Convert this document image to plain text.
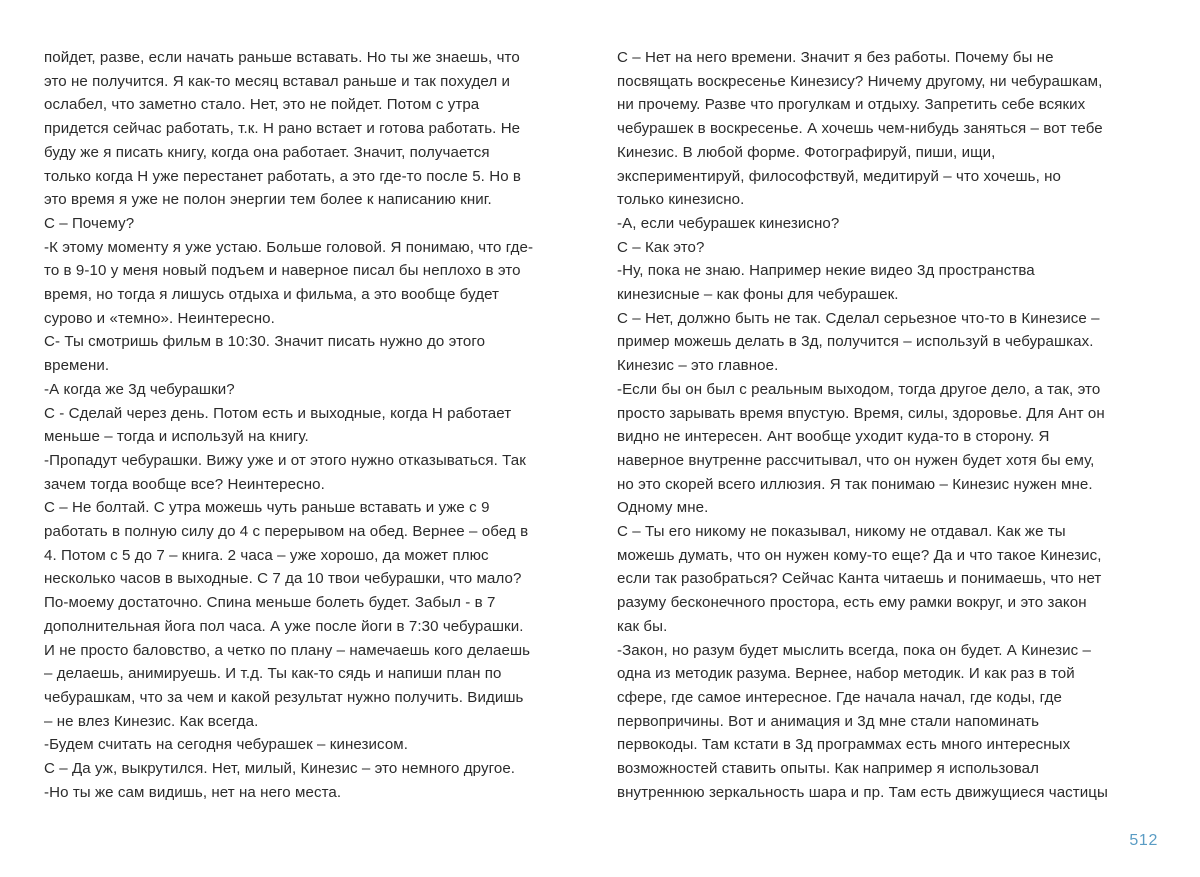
пойдет, разве, если начать раньше вставать. Но ты же знаешь, что
это не получится. Я как-то месяц вставал раньше и так похудел и
ослабел, что заметно стало. Нет, это не пойдет. Потом с утра
придется сейчас работать, т.к. Н рано встает и готова работать. Не
буду же я писать книгу, когда она работает. Значит, получается
только когда Н уже перестанет работать, а это где-то после 5. Но в
это время я уже не полон энергии тем более к написанию книг.
С – Почему?
-К этому моменту я уже устаю. Больше головой. Я понимаю, что где-
то в 9-10 у меня новый подъем и наверное писал бы неплохо в это
время, но тогда я лишусь отдыха и фильма, а это вообще будет
сурово и «темно». Неинтересно.
С- Ты смотришь фильм в 10:30. Значит писать нужно до этого
времени.
-А когда же 3д чебурашки?
С - Сделай через день. Потом есть и выходные, когда Н работает
меньше – тогда и используй на книгу.
-Пропадут чебурашки. Вижу уже и от этого нужно отказываться. Так
зачем тогда вообще все? Неинтересно.
С – Не болтай. С утра можешь чуть раньше вставать и уже с 9
работать в полную силу до 4 с перерывом на обед. Вернее – обед в
4. Потом с 5 до 7 – книга. 2 часа – уже хорошо, да может плюс
несколько часов в выходные. С 7 да 10 твои чебурашки, что мало?
По-моему достаточно. Спина меньше болеть будет. Забыл - в 7
дополнительная йога пол часа. А уже после йоги в 7:30 чебурашки.
И не просто баловство, а четко по плану – намечаешь кого делаешь
– делаешь, анимируешь. И т.д. Ты как-то сядь и напиши план по
чебурашкам, что за чем и какой результат нужно получить. Видишь
– не влез Кинезис. Как всегда.
-Будем считать на сегодня чебурашек – кинезисом.
С – Да уж, выкрутился. Нет, милый, Кинезис – это немного другое.
-Но ты же сам видишь, нет на него места.
С – Нет на него времени. Значит я без работы. Почему бы не
посвящать воскресенье Кинезису? Ничему другому, ни чебурашкам,
ни прочему. Разве что прогулкам и отдыху. Запретить себе всяких
чебурашек в воскресенье. А хочешь чем-нибудь заняться – вот тебе
Кинезис. В любой форме. Фотографируй, пиши, ищи,
экспериментируй, философствуй, медитируй – что хочешь, но
только кинезисно.
-А, если чебурашек кинезисно?
С – Как это?
-Ну, пока не знаю. Например некие видео 3д пространства
кинезисные – как фоны для чебурашек.
С – Нет, должно быть не так. Сделал серьезное что-то в Кинезисе –
пример можешь делать в 3д, получится – используй в чебурашках.
Кинезис – это главное.
-Если бы он был с реальным выходом, тогда другое дело, а так, это
просто зарывать время впустую. Время, силы, здоровье. Для Ант он
видно не интересен. Ант вообще уходит куда-то в сторону. Я
наверное внутренне рассчитывал, что он нужен будет хотя бы ему,
но это скорей всего иллюзия. Я так понимаю – Кинезис нужен мне.
Одному мне.
С – Ты его никому не показывал, никому не отдавал. Как же ты
можешь думать, что он нужен кому-то еще? Да и что такое Кинезис,
если так разобраться? Сейчас Канта читаешь и понимаешь, что нет
разуму бесконечного простора, есть ему рамки вокруг, и это закон
как бы.
-Закон, но разум будет мыслить всегда, пока он будет. А Кинезис –
одна из методик разума. Вернее, набор методик. И как раз в той
сфере, где самое интересное. Где начала начал, где коды, где
первопричины. Вот и анимация и 3д мне стали напоминать
первокоды. Там кстати в 3д программах есть много интересных
возможностей ставить опыты. Как например я использовал
внутреннюю зеркальность шара и пр. Там есть движущиеся частицы
512
